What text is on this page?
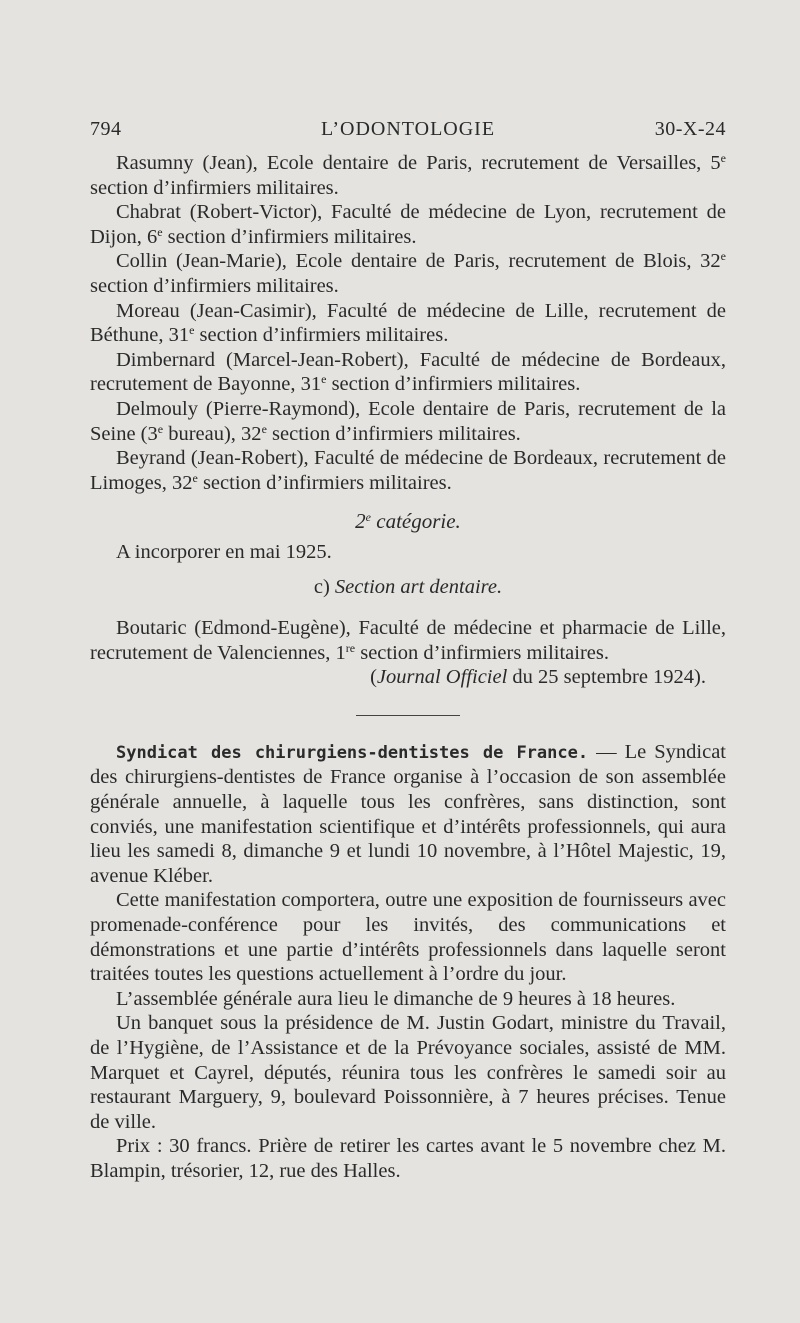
794	L’ODONTOLOGIE	30-X-24

Rasumny (Jean), Ecole dentaire de Paris, recrutement de Versailles, 5e section d’infirmiers militaires.

Chabrat (Robert-Victor), Faculté de médecine de Lyon, recrutement de Dijon, 6e section d’infirmiers militaires.

Collin (Jean-Marie), Ecole dentaire de Paris, recrutement de Blois, 32e section d’infirmiers militaires.

Moreau (Jean-Casimir), Faculté de médecine de Lille, recrutement de Béthune, 31e section d’infirmiers militaires.

Dimbernard (Marcel-Jean-Robert), Faculté de médecine de Bordeaux, recrutement de Bayonne, 31e section d’infirmiers militaires.

Delmouly (Pierre-Raymond), Ecole dentaire de Paris, recrutement de la Seine (3e bureau), 32e section d’infirmiers militaires.

Beyrand (Jean-Robert), Faculté de médecine de Bordeaux, recrutement de Limoges, 32e section d’infirmiers militaires.

2e catégorie.

A incorporer en mai 1925.

c) Section art dentaire.

Boutaric (Edmond-Eugène), Faculté de médecine et pharmacie de Lille, recrutement de Valenciennes, 1re section d’infirmiers militaires.

(Journal Officiel du 25 septembre 1924).

Syndicat des chirurgiens-dentistes de France. — Le Syndicat des chirurgiens-dentistes de France organise à l’occasion de son assemblée générale annuelle, à laquelle tous les confrères, sans distinction, sont conviés, une manifestation scientifique et d’intérêts professionnels, qui aura lieu les samedi 8, dimanche 9 et lundi 10 novembre, à l’Hôtel Majestic, 19, avenue Kléber.

Cette manifestation comportera, outre une exposition de fournisseurs avec promenade-conférence pour les invités, des communications et démonstrations et une partie d’intérêts professionnels dans laquelle seront traitées toutes les questions actuellement à l’ordre du jour.

L’assemblée générale aura lieu le dimanche de 9 heures à 18 heures.

Un banquet sous la présidence de M. Justin Godart, ministre du Travail, de l’Hygiène, de l’Assistance et de la Prévoyance sociales, assisté de MM. Marquet et Cayrel, députés, réunira tous les confrères le samedi soir au restaurant Marguery, 9, boulevard Poissonnière, à 7 heures précises. Tenue de ville.

Prix : 30 francs. Prière de retirer les cartes avant le 5 novembre chez M. Blampin, trésorier, 12, rue des Halles.
